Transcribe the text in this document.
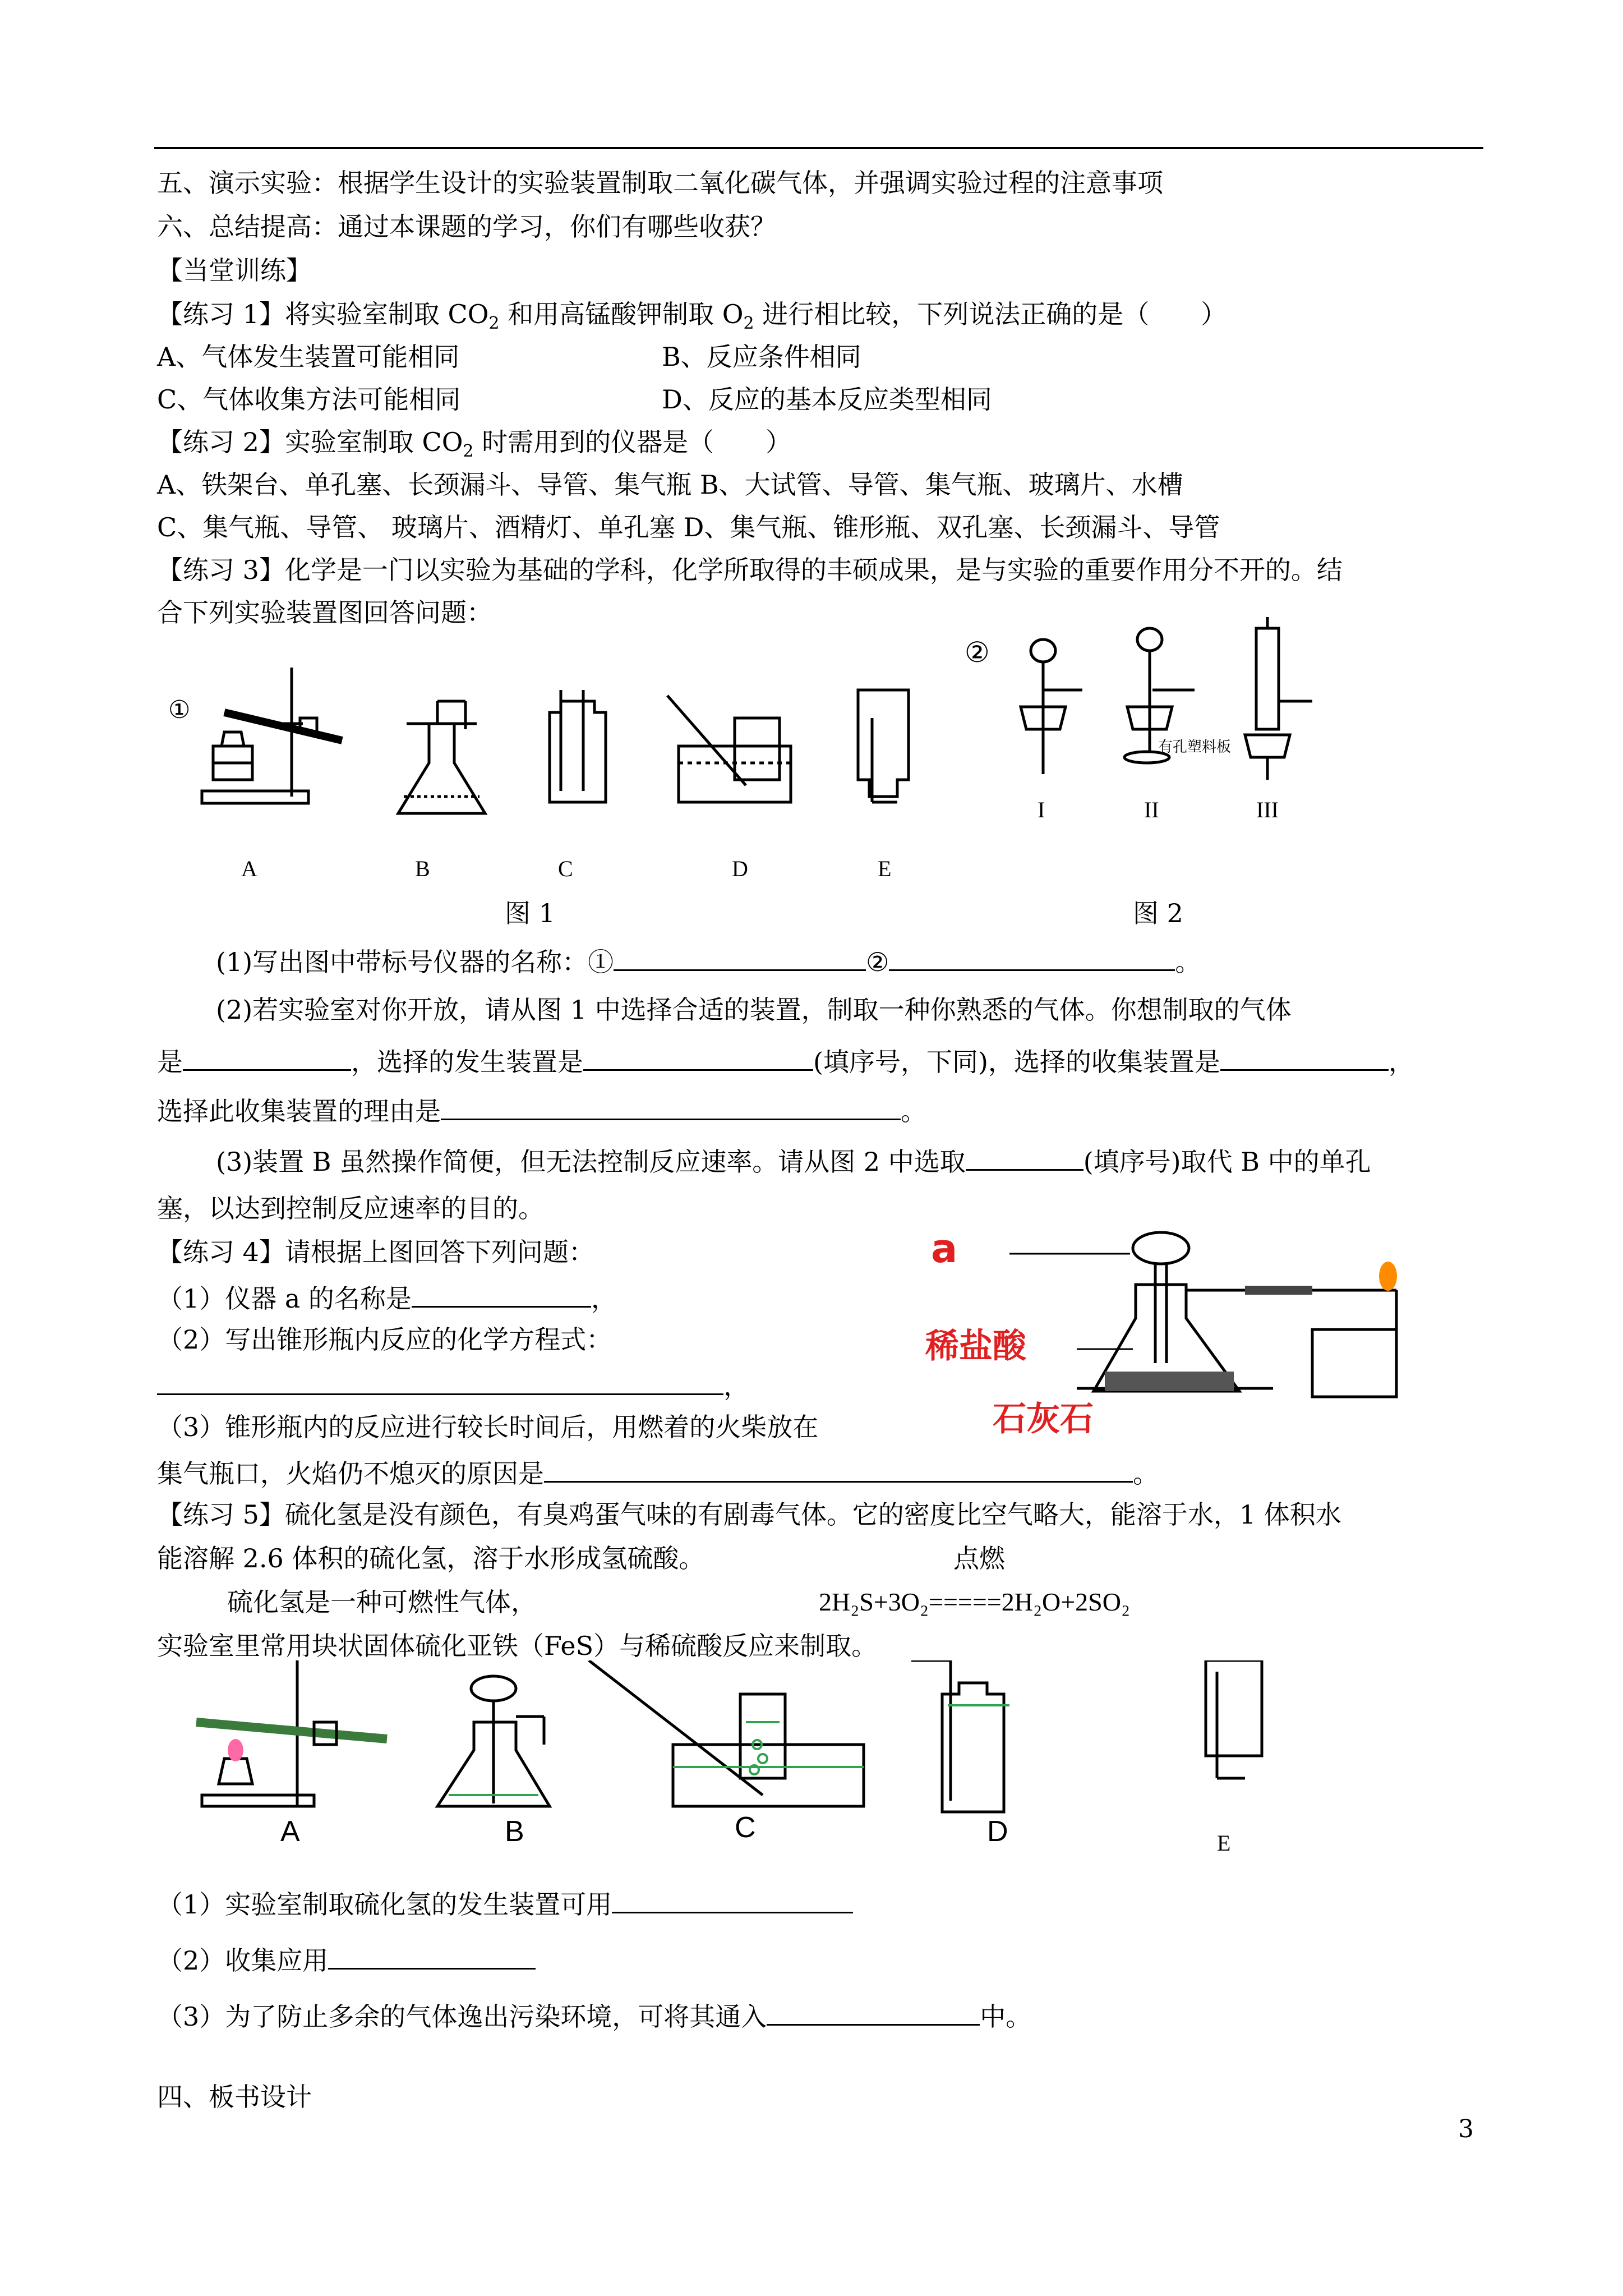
五、演示实验：根据学生设计的实验装置制取二氧化碳气体，并强调实验过程的注意事项
六、总结提高：通过本课题的学习，你们有哪些收获？
【当堂训练】
【练习 1】将实验室制取 $CO_2$ 和用高锰酸钾制取 $O_2$ 进行相比较，下列说法正确的是（　　）
A、气体发生装置可能相同	B、反应条件相同
C、气体收集方法可能相同	D、反应的基本反应类型相同
【练习 2】实验室制取 $CO_2$ 时需用到的仪器是（　　）
A、铁架台、单孔塞、长颈漏斗、导管、集气瓶 B、大试管、导管、集气瓶、玻璃片、水槽
C、集气瓶、导管、 玻璃片、酒精灯、单孔塞 D、集气瓶、锥形瓶、双孔塞、长颈漏斗、导管
【练习 3】化学是一门以实验为基础的学科，化学所取得的丰硕成果，是与实验的重要作用分不开的。结
合下列实验装置图回答问题：
①
②
有孔塑料板
A	B	C	D	E
I	II	III
图 1	图 2
(1)写出图中带标号仪器的名称：①	②	。
(2)若实验室对你开放，请从图 1 中选择合适的装置，制取一种你熟悉的气体。你想制取的气体
是	，选择的发生装置是	(填序号，下同)，选择的收集装置是	，
选择此收集装置的理由是	。
(3)装置 B 虽然操作简便，但无法控制反应速率。请从图 2 中选取	(填序号)取代 B 中的单孔
塞，以达到控制反应速率的目的。
【练习 4】请根据上图回答下列问题：
（1）仪器 a 的名称是	，
（2）写出锥形瓶内反应的化学方程式：
，
（3）锥形瓶内的反应进行较长时间后，用燃着的火柴放在
集气瓶口，火焰仍不熄灭的原因是	。
a
稀盐酸
石灰石
【练习 5】硫化氢是没有颜色，有臭鸡蛋气味的有剧毒气体。它的密度比空气略大，能溶于水，1 体积水
能溶解 2.6 体积的硫化氢，溶于水形成氢硫酸。	点燃
硫化氢是一种可燃性气体，	2H₂S+3O₂=====2H₂O+2SO₂
实验室里常用块状固体硫化亚铁（FeS）与稀硫酸反应来制取。
A	B	C	D	E
（1）实验室制取硫化氢的发生装置可用
（2）收集应用
（3）为了防止多余的气体逸出污染环境，可将其通入	中。
四、板书设计
3
